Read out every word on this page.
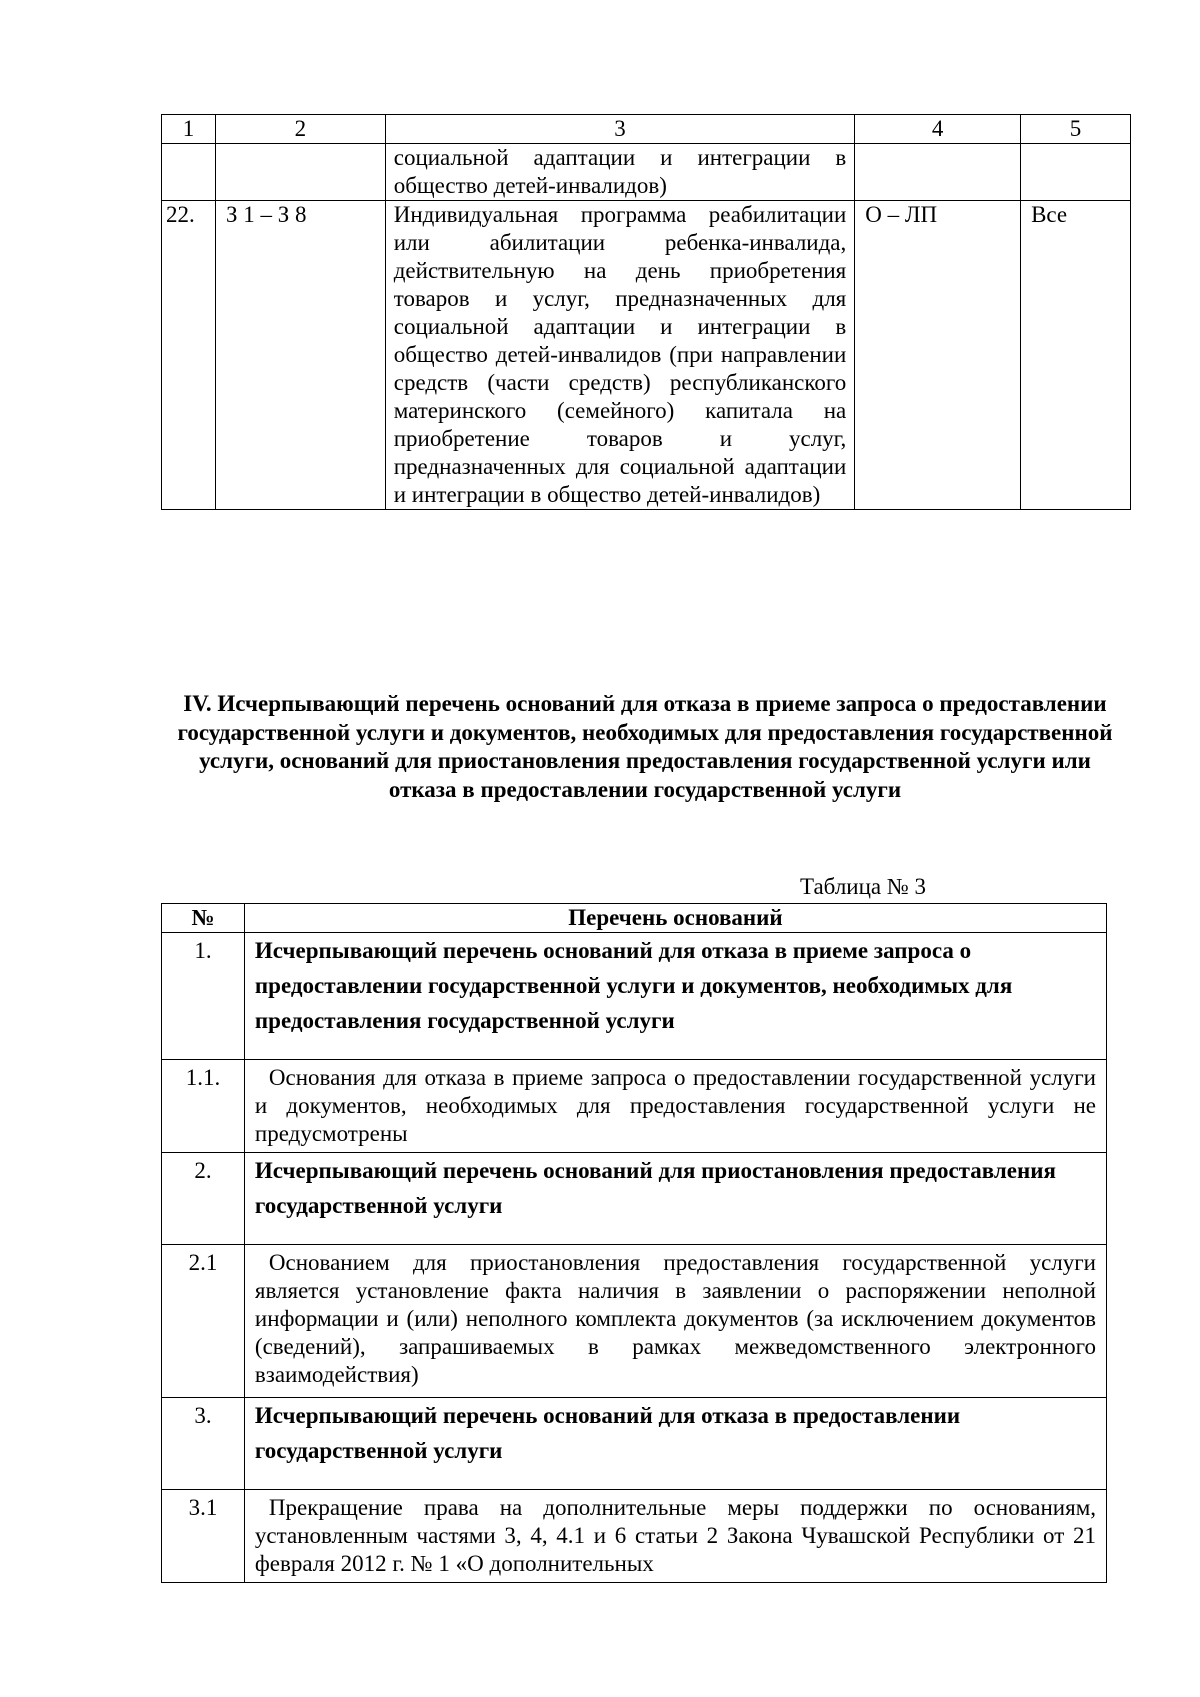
1	2	3	4	5
		социальной адаптации и интеграции в общество детей-инвалидов)		
22.	З 1 – З 8	Индивидуальная программа реабилитации или абилитации ребенка-инвалида, действительную на день приобретения товаров и услуг, предназначенных для социальной адаптации и интеграции в общество детей-инвалидов (при направлении средств (части средств) республиканского материнского (семейного) капитала на приобретение товаров и услуг, предназначенных для социальной адаптации и интеграции в общество детей-инвалидов)	О – ЛП	Все
IV. Исчерпывающий перечень оснований для отказа в приеме запроса о предоставлении государственной услуги и документов, необходимых для предоставления государственной услуги, оснований для приостановления предоставления государственной услуги или отказа в предоставлении государственной услуги
Таблица № 3
№	Перечень оснований
1.	Исчерпывающий перечень оснований для отказа в приеме запроса о предоставлении государственной услуги и документов, необходимых для предоставления государственной услуги
1.1.	Основания для отказа в приеме запроса о предоставлении государственной услуги и документов, необходимых для предоставления государственной услуги не предусмотрены
2.	Исчерпывающий перечень оснований для приостановления предоставления государственной услуги
2.1	Основанием для приостановления предоставления государственной услуги является установление факта наличия в заявлении о распоряжении неполной информации и (или) неполного комплекта документов (за исключением документов (сведений), запрашиваемых в рамках межведомственного электронного взаимодействия)
3.	Исчерпывающий перечень оснований для отказа в предоставлении государственной услуги
3.1	Прекращение права на дополнительные меры поддержки по основаниям, установленным частями 3, 4, 4.1 и 6 статьи 2 Закона Чувашской Республики от 21 февраля 2012 г. № 1 «О дополнительных
